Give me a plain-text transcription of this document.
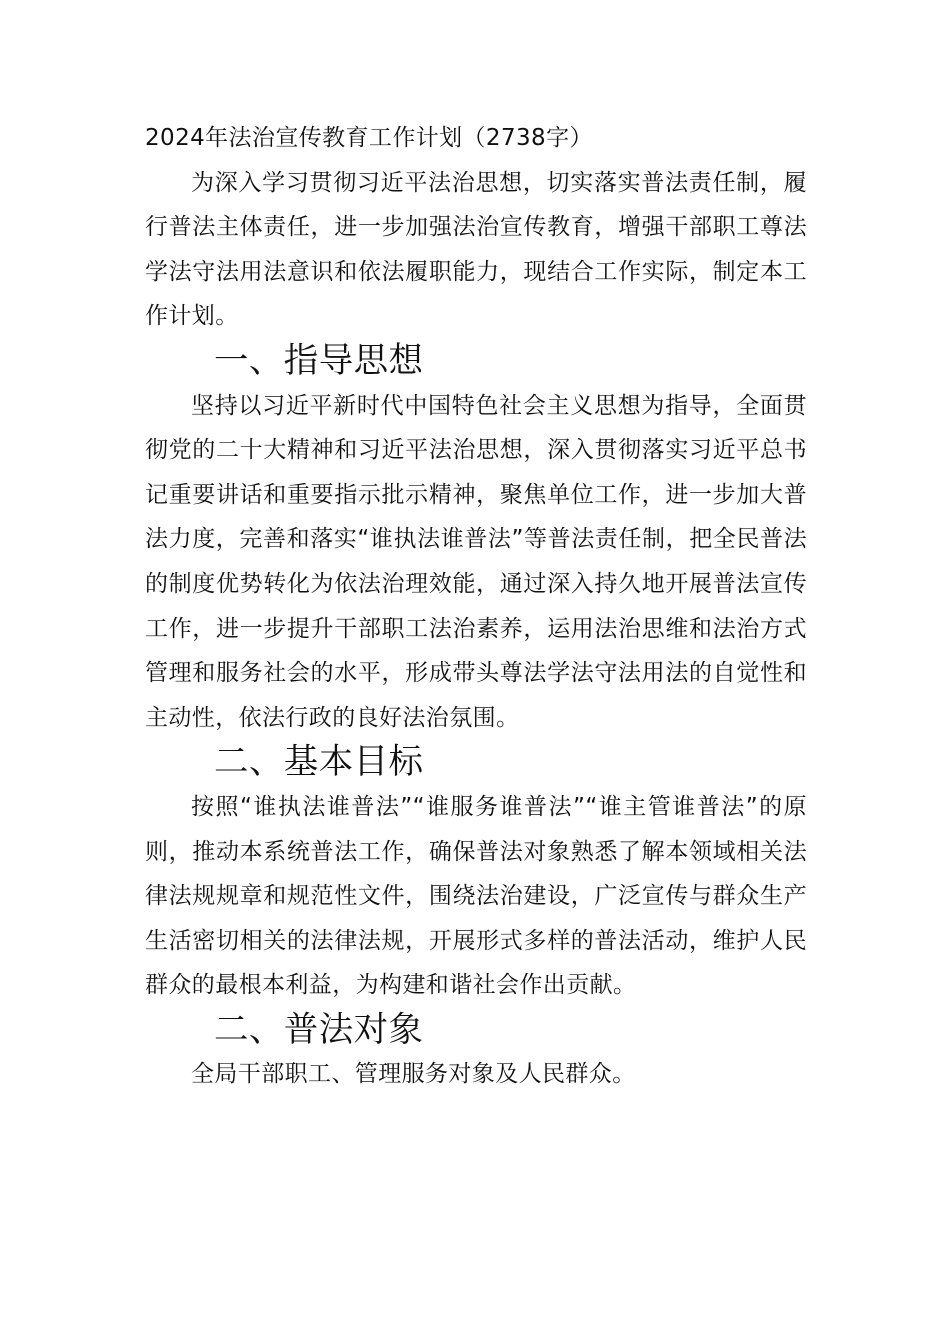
2024年法治宣传教育工作计划（2738字）

为深入学习贯彻习近平法治思想，切实落实普法责任制，履行普法主体责任，进一步加强法治宣传教育，增强干部职工尊法学法守法用法意识和依法履职能力，现结合工作实际，制定本工作计划。

一、指导思想

坚持以习近平新时代中国特色社会主义思想为指导，全面贯彻党的二十大精神和习近平法治思想，深入贯彻落实习近平总书记重要讲话和重要指示批示精神，聚焦单位工作，进一步加大普法力度，完善和落实“谁执法谁普法”等普法责任制，把全民普法的制度优势转化为依法治理效能，通过深入持久地开展普法宣传工作，进一步提升干部职工法治素养，运用法治思维和法治方式管理和服务社会的水平，形成带头尊法学法守法用法的自觉性和主动性，依法行政的良好法治氛围。

二、基本目标

按照“谁执法谁普法”“谁服务谁普法”“谁主管谁普法”的原则，推动本系统普法工作，确保普法对象熟悉了解本领域相关法律法规规章和规范性文件，围绕法治建设，广泛宣传与群众生产生活密切相关的法律法规，开展形式多样的普法活动，维护人民群众的最根本利益，为构建和谐社会作出贡献。

二、普法对象

全局干部职工、管理服务对象及人民群众。
